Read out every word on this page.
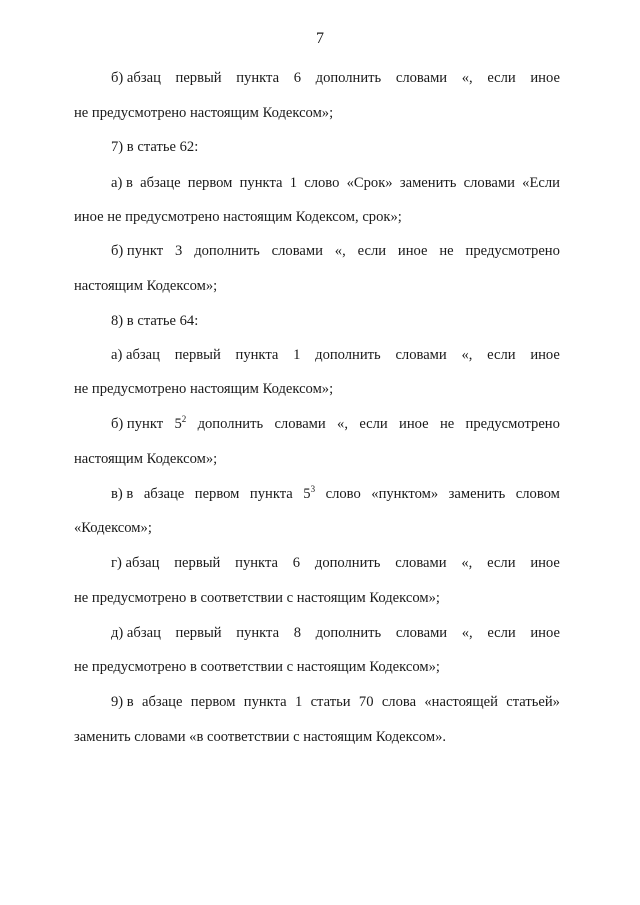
7
б) абзац первый пункта 6 дополнить словами «, если иное
не предусмотрено настоящим Кодексом»;
7) в статье 62:
а) в абзаце первом пункта 1 слово «Срок» заменить словами «Если
иное не предусмотрено настоящим Кодексом, срок»;
б) пункт 3 дополнить словами «, если иное не предусмотрено
настоящим Кодексом»;
8) в статье 64:
а) абзац первый пункта 1 дополнить словами «, если иное
не предусмотрено настоящим Кодексом»;
б) пункт $5^2$ дополнить словами «, если иное не предусмотрено
настоящим Кодексом»;
в) в абзаце первом пункта $5^3$ слово «пунктом» заменить словом
«Кодексом»;
г) абзац первый пункта 6 дополнить словами «, если иное
не предусмотрено в соответствии с настоящим Кодексом»;
д) абзац первый пункта 8 дополнить словами «, если иное
не предусмотрено в соответствии с настоящим Кодексом»;
9) в абзаце первом пункта 1 статьи 70 слова «настоящей статьей»
заменить словами «в соответствии с настоящим Кодексом».
